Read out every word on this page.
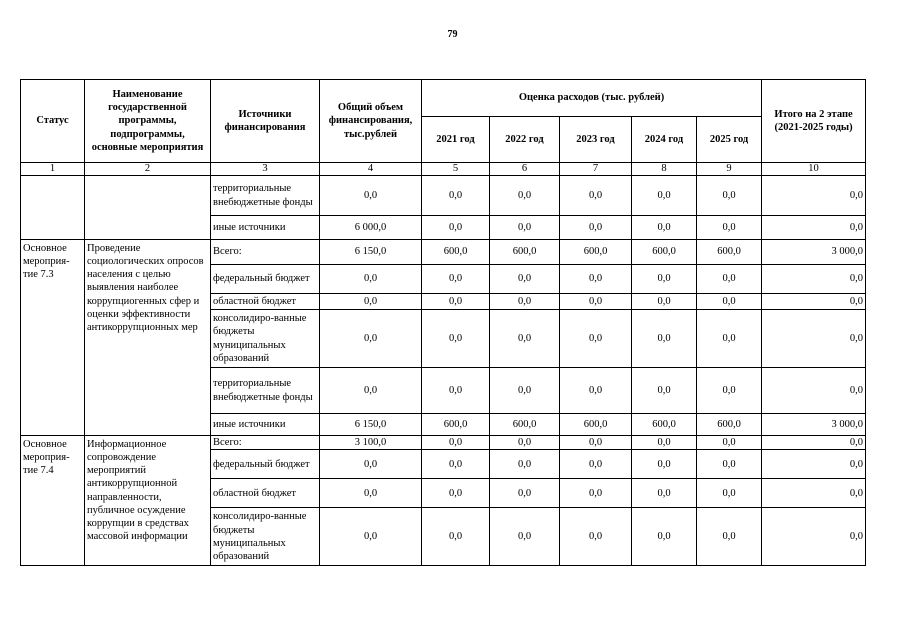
79
Статус	Наименование государственной программы, подпрограммы, основные мероприятия	Источники финансирования	Общий объем финансирования, тыс.рублей	Оценка расходов (тыс. рублей)					Итого на 2 этапе (2021-2025 годы)
				2021 год	2022 год	2023 год	2024 год	2025 год	
1	2	3	4	5	6	7	8	9	10
		территориальные внебюджетные фонды	0,0	0,0	0,0	0,0	0,0	0,0	0,0
		иные источники	6 000,0	0,0	0,0	0,0	0,0	0,0	0,0
Основное мероприя-тие 7.3	Проведение социологических опросов населения с целью выявления наиболее коррупциогенных сфер и оценки эффективности антикоррупционных мер	Всего:	6 150,0	600,0	600,0	600,0	600,0	600,0	3 000,0
		федеральный бюджет	0,0	0,0	0,0	0,0	0,0	0,0	0,0
		областной бюджет	0,0	0,0	0,0	0,0	0,0	0,0	0,0
		консолидиро-ванные бюджеты муниципальных образований	0,0	0,0	0,0	0,0	0,0	0,0	0,0
		территориальные внебюджетные фонды	0,0	0,0	0,0	0,0	0,0	0,0	0,0
		иные источники	6 150,0	600,0	600,0	600,0	600,0	600,0	3 000,0
Основное мероприя-тие 7.4	Информационное сопровождение мероприятий антикоррупционной направленности, публичное осуждение коррупции в средствах массовой информации	Всего:	3 100,0	0,0	0,0	0,0	0,0	0,0	0,0
		федеральный бюджет	0,0	0,0	0,0	0,0	0,0	0,0	0,0
		областной бюджет	0,0	0,0	0,0	0,0	0,0	0,0	0,0
		консолидиро-ванные бюджеты муниципальных образований	0,0	0,0	0,0	0,0	0,0	0,0	0,0
